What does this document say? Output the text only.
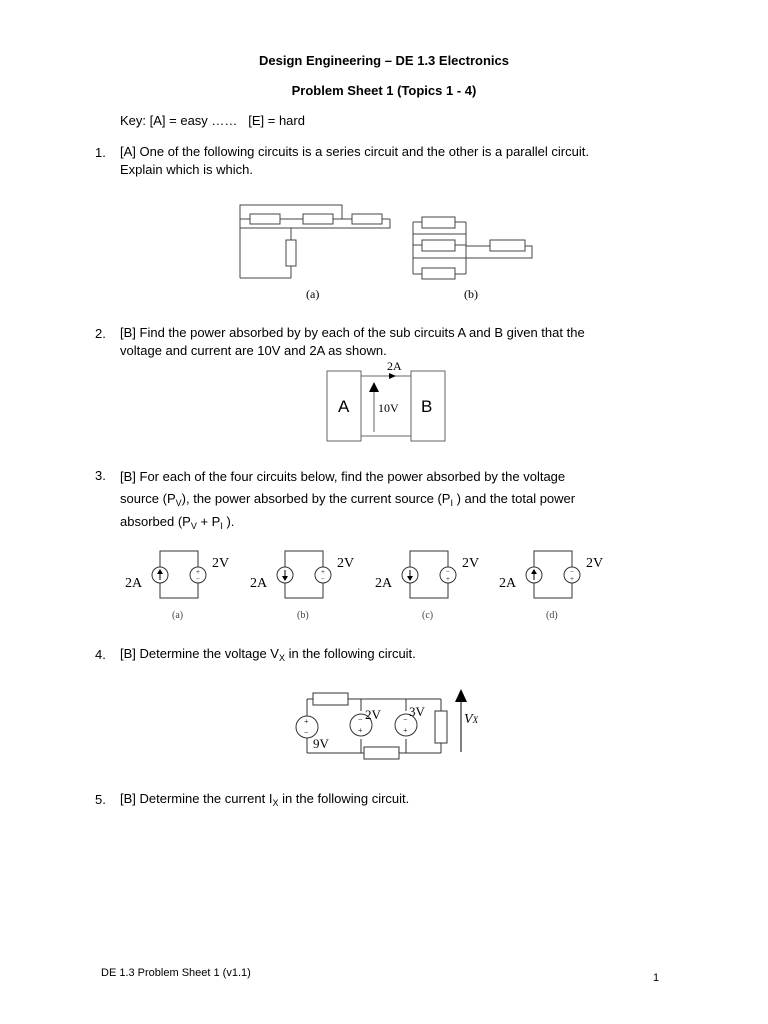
Design Engineering – DE 1.3 Electronics
Problem Sheet 1 (Topics 1 - 4)
Key: [A] = easy ……   [E] = hard
1. [A] One of the following circuits is a series circuit and the other is a parallel circuit.
Explain which is which.
(a)	(b)
2. [B] Find the power absorbed by by each of the sub circuits A and B given that the
voltage and current are 10V and 2A as shown.
A	B
2A
10V
3. [B] For each of the four circuits below, find the power absorbed by the voltage
source $(P_V)$, the power absorbed by the current source ($P_I$ ) and the total power
absorbed ($P_V + P_I$ ).
+
−
+
−
−
+
−
+
2V
2A
(a)
2V
2A
(b)
2V
2A
(c)
2V
2A
(d)
4. [B] Determine the voltage $V_X$ in the following circuit.
+
−
−
+
−
+
9V
2V 3V
VX
5. [B] Determine the current $I_X$ in the following circuit.
DE 1.3 Problem Sheet 1 (v1.1)	1
